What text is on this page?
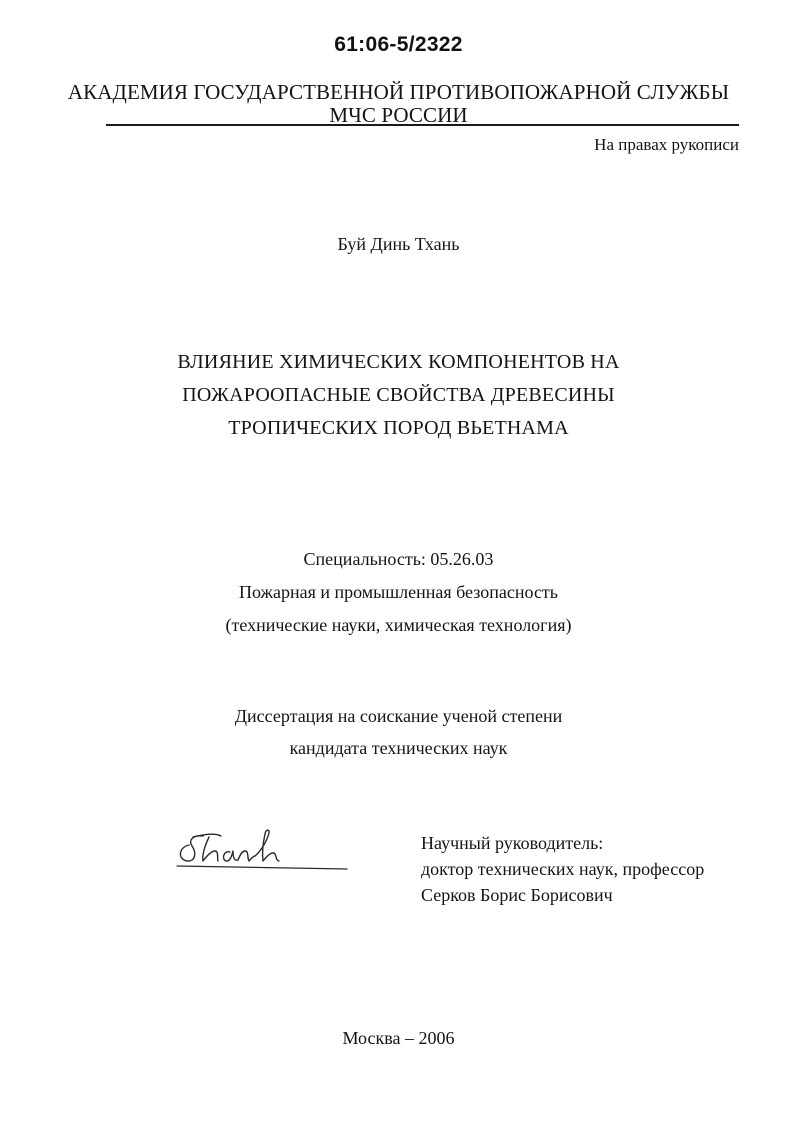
61:06-5/2322
АКАДЕМИЯ ГОСУДАРСТВЕННОЙ ПРОТИВОПОЖАРНОЙ СЛУЖБЫ
МЧС РОССИИ
На правах рукописи
Буй Динь Тхань
ВЛИЯНИЕ ХИМИЧЕСКИХ КОМПОНЕНТОВ НА
ПОЖАРООПАСНЫЕ СВОЙСТВА ДРЕВЕСИНЫ
ТРОПИЧЕСКИХ ПОРОД ВЬЕТНАМА
Специальность: 05.26.03
Пожарная и промышленная безопасность
(технические науки, химическая технология)
Диссертация на соискание ученой степени
кандидата технических наук
Научный руководитель:
доктор технических наук, профессор
Серков Борис Борисович
Москва – 2006
